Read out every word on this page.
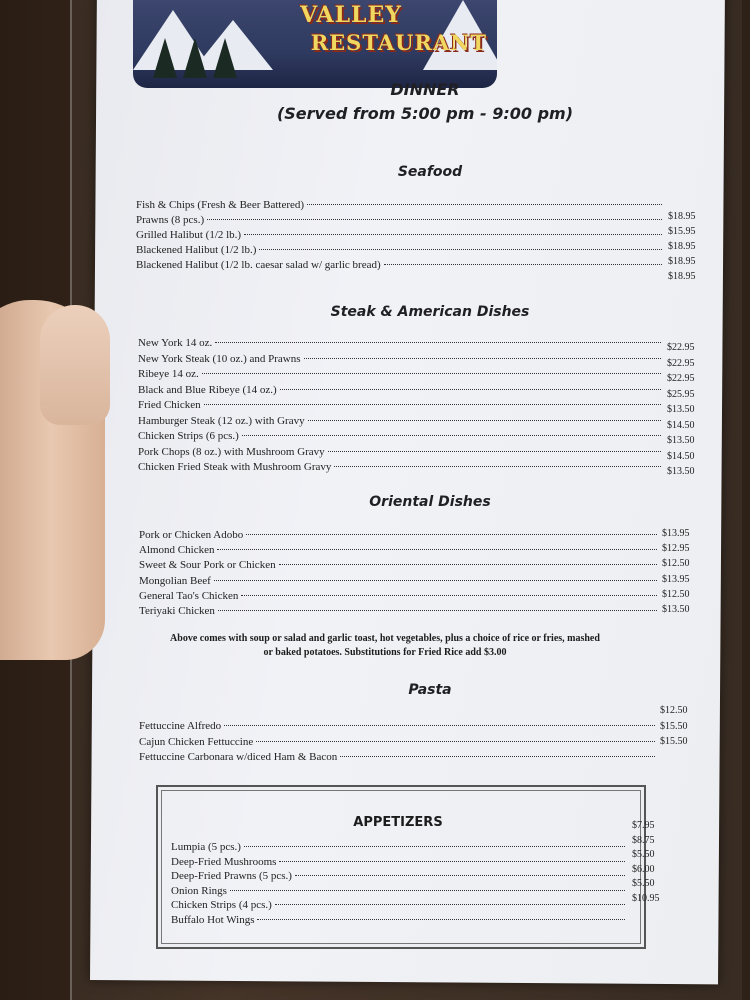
VALLEY
RESTAURANT
DINNER
(Served from 5:00 pm - 9:00 pm)
Seafood
Fish & Chips (Fresh & Beer Battered)
Prawns (8 pcs.)
Grilled Halibut (1/2 lb.)
Blackened Halibut (1/2 lb.)
Blackened Halibut (1/2 lb. caesar salad w/ garlic bread)
$18.95
$15.95
$18.95
$18.95
$18.95
Steak & American Dishes
New York 14 oz.
New York Steak (10 oz.) and Prawns
Ribeye 14 oz.
Black and Blue Ribeye (14 oz.)
Fried Chicken
Hamburger Steak (12 oz.) with Gravy
Chicken Strips (6 pcs.)
Pork Chops (8 oz.) with Mushroom Gravy
Chicken Fried Steak with Mushroom Gravy
$22.95
$22.95
$22.95
$25.95
$13.50
$14.50
$13.50
$14.50
$13.50
Oriental Dishes
Pork or Chicken Adobo
Almond Chicken
Sweet & Sour Pork or Chicken
Mongolian Beef
General Tao's Chicken
Teriyaki Chicken
$13.95
$12.95
$12.50
$13.95
$12.50
$13.50
Above comes with soup or salad and garlic toast, hot vegetables, plus a choice of rice or fries, mashed
or baked potatoes. Substitutions for Fried Rice add $3.00
Pasta
Fettuccine Alfredo
Cajun Chicken Fettuccine
Fettuccine Carbonara w/diced Ham & Bacon
$12.50
$15.50
$15.50
APPETIZERS
Lumpia (5 pcs.)
Deep-Fried Mushrooms
Deep-Fried Prawns (5 pcs.)
Onion Rings
Chicken Strips (4 pcs.)
Buffalo Hot Wings
$7.95
$8.75
$5.50
$6.00
$5.50
$10.95
